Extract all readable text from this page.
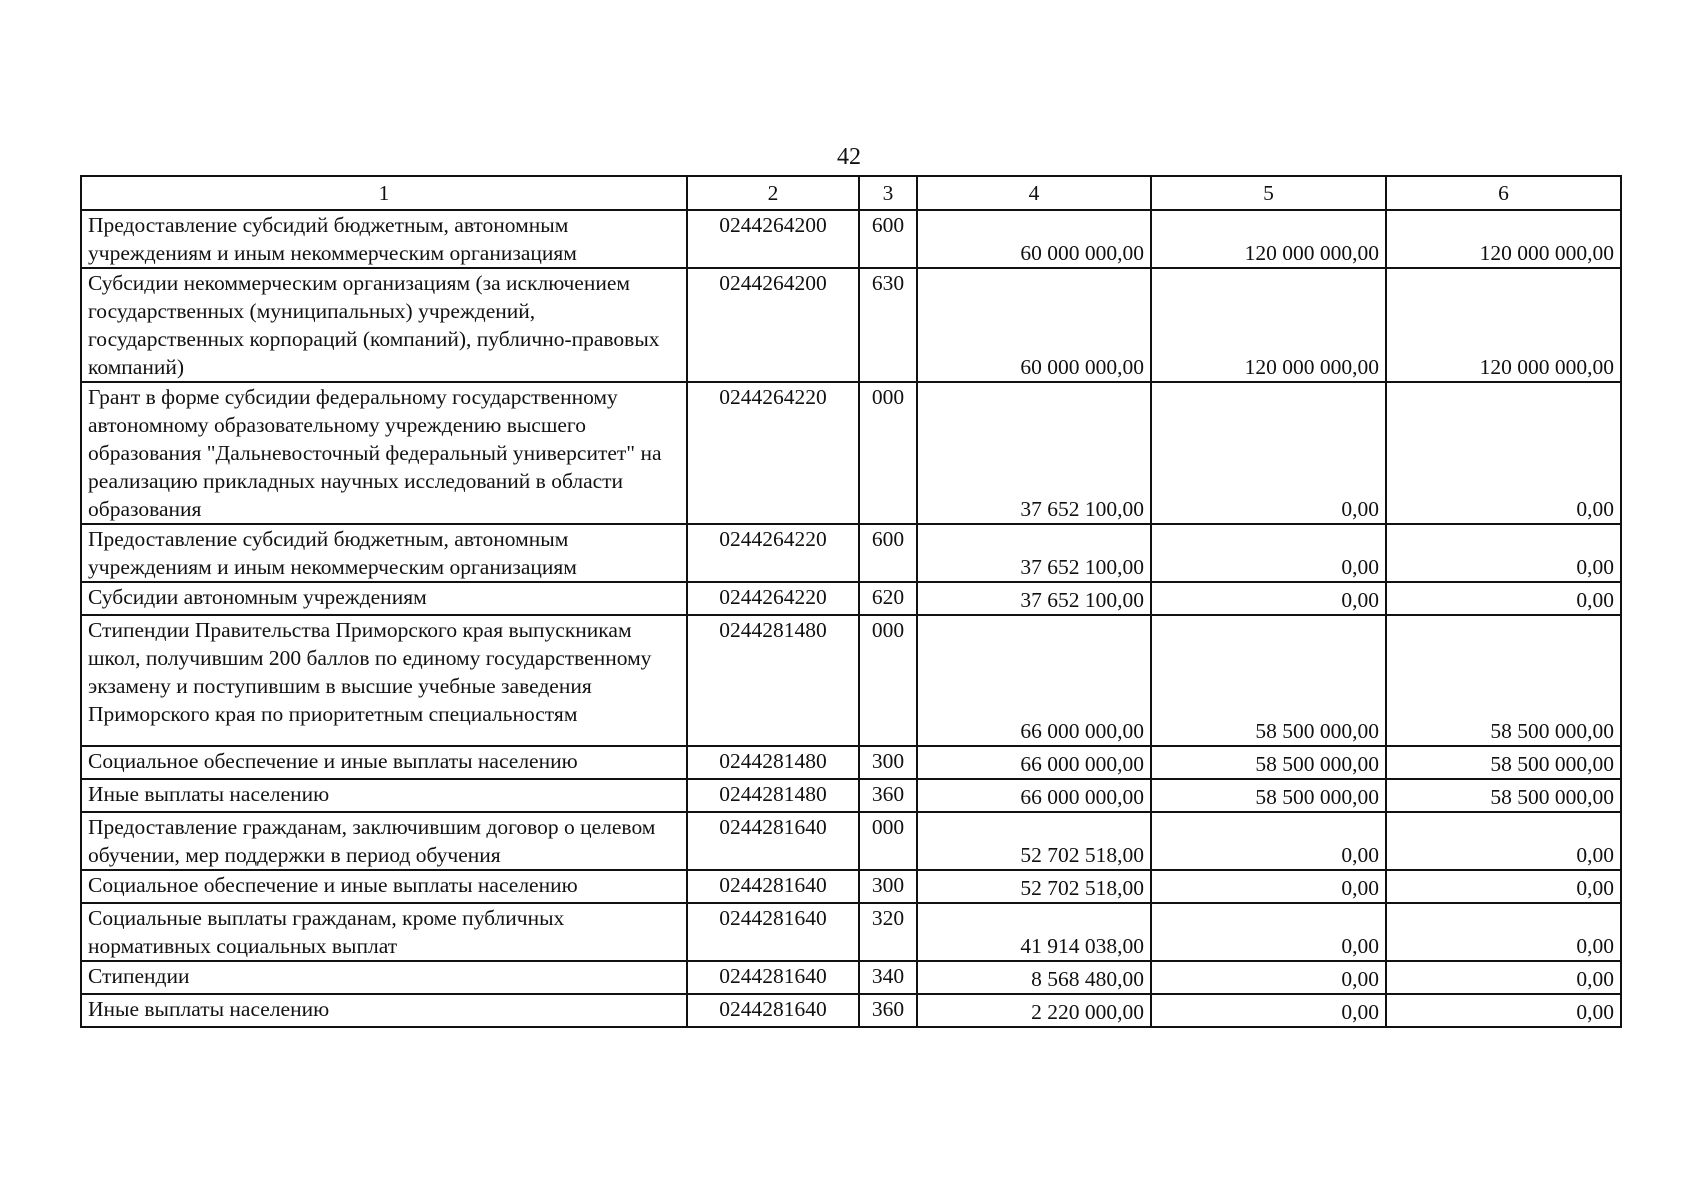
42
1	2	3	4	5	6
Предоставление субсидий бюджетным, автономным учреждениям и иным некоммерческим организациям	0244264200	600	60 000 000,00	120 000 000,00	120 000 000,00
Субсидии некоммерческим организациям (за исключением государственных (муниципальных) учреждений, государственных корпораций (компаний), публично-правовых компаний)	0244264200	630	60 000 000,00	120 000 000,00	120 000 000,00
Грант в форме субсидии федеральному государственному автономному образовательному учреждению высшего образования "Дальневосточный федеральный университет" на реализацию прикладных научных исследований в области образования	0244264220	000	37 652 100,00	0,00	0,00
Предоставление субсидий бюджетным, автономным учреждениям и иным некоммерческим организациям	0244264220	600	37 652 100,00	0,00	0,00
Субсидии автономным учреждениям	0244264220	620	37 652 100,00	0,00	0,00
Стипендии Правительства Приморского края выпускникам школ, получившим 200 баллов по единому государственному экзамену и поступившим в высшие учебные заведения Приморского края по приоритетным специальностям	0244281480	000	66 000 000,00	58 500 000,00	58 500 000,00
Социальное обеспечение и иные выплаты населению	0244281480	300	66 000 000,00	58 500 000,00	58 500 000,00
Иные выплаты населению	0244281480	360	66 000 000,00	58 500 000,00	58 500 000,00
Предоставление гражданам, заключившим договор о целевом обучении, мер поддержки в период обучения	0244281640	000	52 702 518,00	0,00	0,00
Социальное обеспечение и иные выплаты населению	0244281640	300	52 702 518,00	0,00	0,00
Социальные выплаты гражданам, кроме публичных нормативных социальных выплат	0244281640	320	41 914 038,00	0,00	0,00
Стипендии	0244281640	340	8 568 480,00	0,00	0,00
Иные выплаты населению	0244281640	360	2 220 000,00	0,00	0,00
